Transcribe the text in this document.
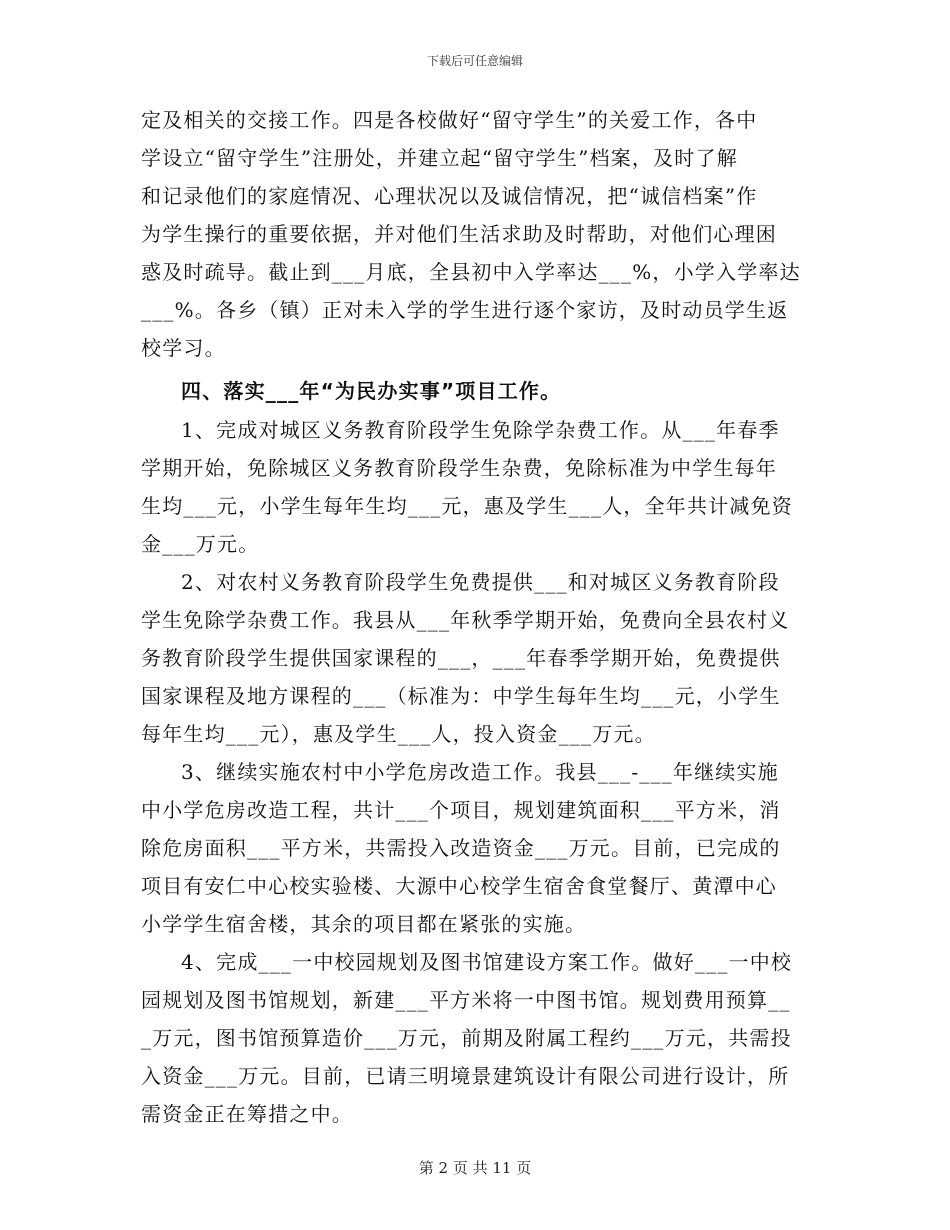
下载后可任意编辑
定及相关的交接工作。四是各校做好“留守学生”的关爱工作，各中
学设立“留守学生”注册处，并建立起“留守学生”档案，及时了解
和记录他们的家庭情况、心理状况以及诚信情况，把“诚信档案”作
为学生操行的重要依据，并对他们生活求助及时帮助，对他们心理困
惑及时疏导。截止到___月底，全县初中入学率达___%，小学入学率达
___%。各乡（镇）正对未入学的学生进行逐个家访，及时动员学生返
校学习。
四、落实___年“为民办实事”项目工作。
1、完成对城区义务教育阶段学生免除学杂费工作。从___年春季
学期开始，免除城区义务教育阶段学生杂费，免除标准为中学生每年
生均___元，小学生每年生均___元，惠及学生___人，全年共计减免资
金___万元。
2、对农村义务教育阶段学生免费提供___和对城区义务教育阶段
学生免除学杂费工作。我县从___年秋季学期开始，免费向全县农村义
务教育阶段学生提供国家课程的___，___年春季学期开始，免费提供
国家课程及地方课程的___（标准为：中学生每年生均___元，小学生
每年生均___元），惠及学生___人，投入资金___万元。
3、继续实施农村中小学危房改造工作。我县___-___年继续实施
中小学危房改造工程，共计___个项目，规划建筑面积___平方米，消
除危房面积___平方米，共需投入改造资金___万元。目前，已完成的
项目有安仁中心校实验楼、大源中心校学生宿舍食堂餐厅、黄潭中心
小学学生宿舍楼，其余的项目都在紧张的实施。
4、完成___一中校园规划及图书馆建设方案工作。做好___一中校
园规划及图书馆规划，新建___平方米将一中图书馆。规划费用预算__
_万元，图书馆预算造价___万元，前期及附属工程约___万元，共需投
入资金___万元。目前，已请三明境景建筑设计有限公司进行设计，所
需资金正在筹措之中。
第 2 页 共 11 页
